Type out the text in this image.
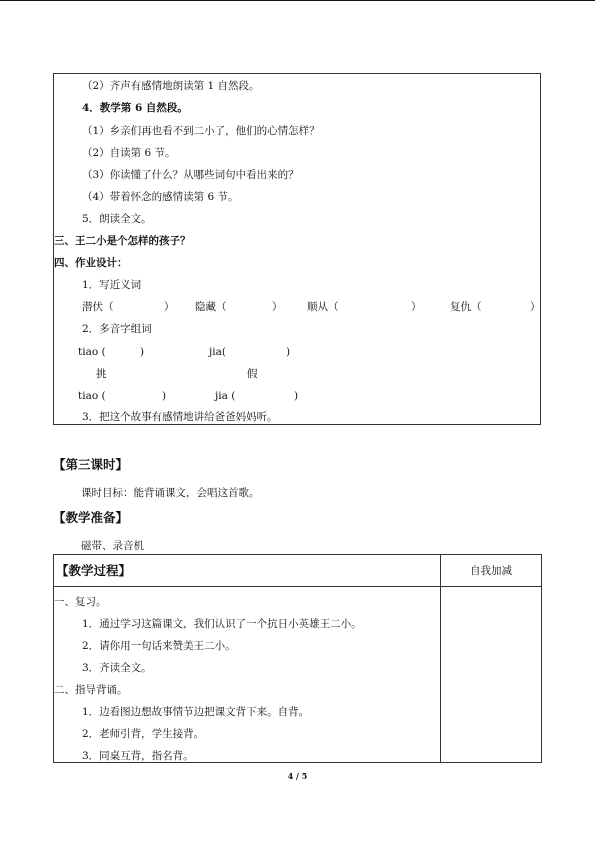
（2）齐声有感情地朗读第 1 自然段。
4．教学第 6 自然段。
（1）乡亲们再也看不到二小了，他们的心情怎样？
（2）自读第 6 节。
（3）你读懂了什么？从哪些词句中看出来的？
（4）带着怀念的感情读第 6 节。
5．朗读全文。
三、王二小是个怎样的孩子？
四、作业设计：
1．写近义词
潜伏（	） 隐藏（	） 顺从（	）	复仇（	）
2．多音字组词
tiao (	)	jia(	)
挑	假
tiao (	)	jia (	)
3．把这个故事有感情地讲给爸爸妈妈听。
【第三课时】
课时目标：能背诵课文，会唱这首歌。
【教学准备】
磁带、录音机
【教学过程】	自我加减
一、复习。
1．通过学习这篇课文，我们认识了一个抗日小英雄王二小。
2．请你用一句话来赞美王二小。
3．齐读全文。
二、指导背诵。
1．边看图边想故事情节边把课文背下来。自背。
2．老师引背，学生接背。
3．同桌互背，指名背。
4 / 5
